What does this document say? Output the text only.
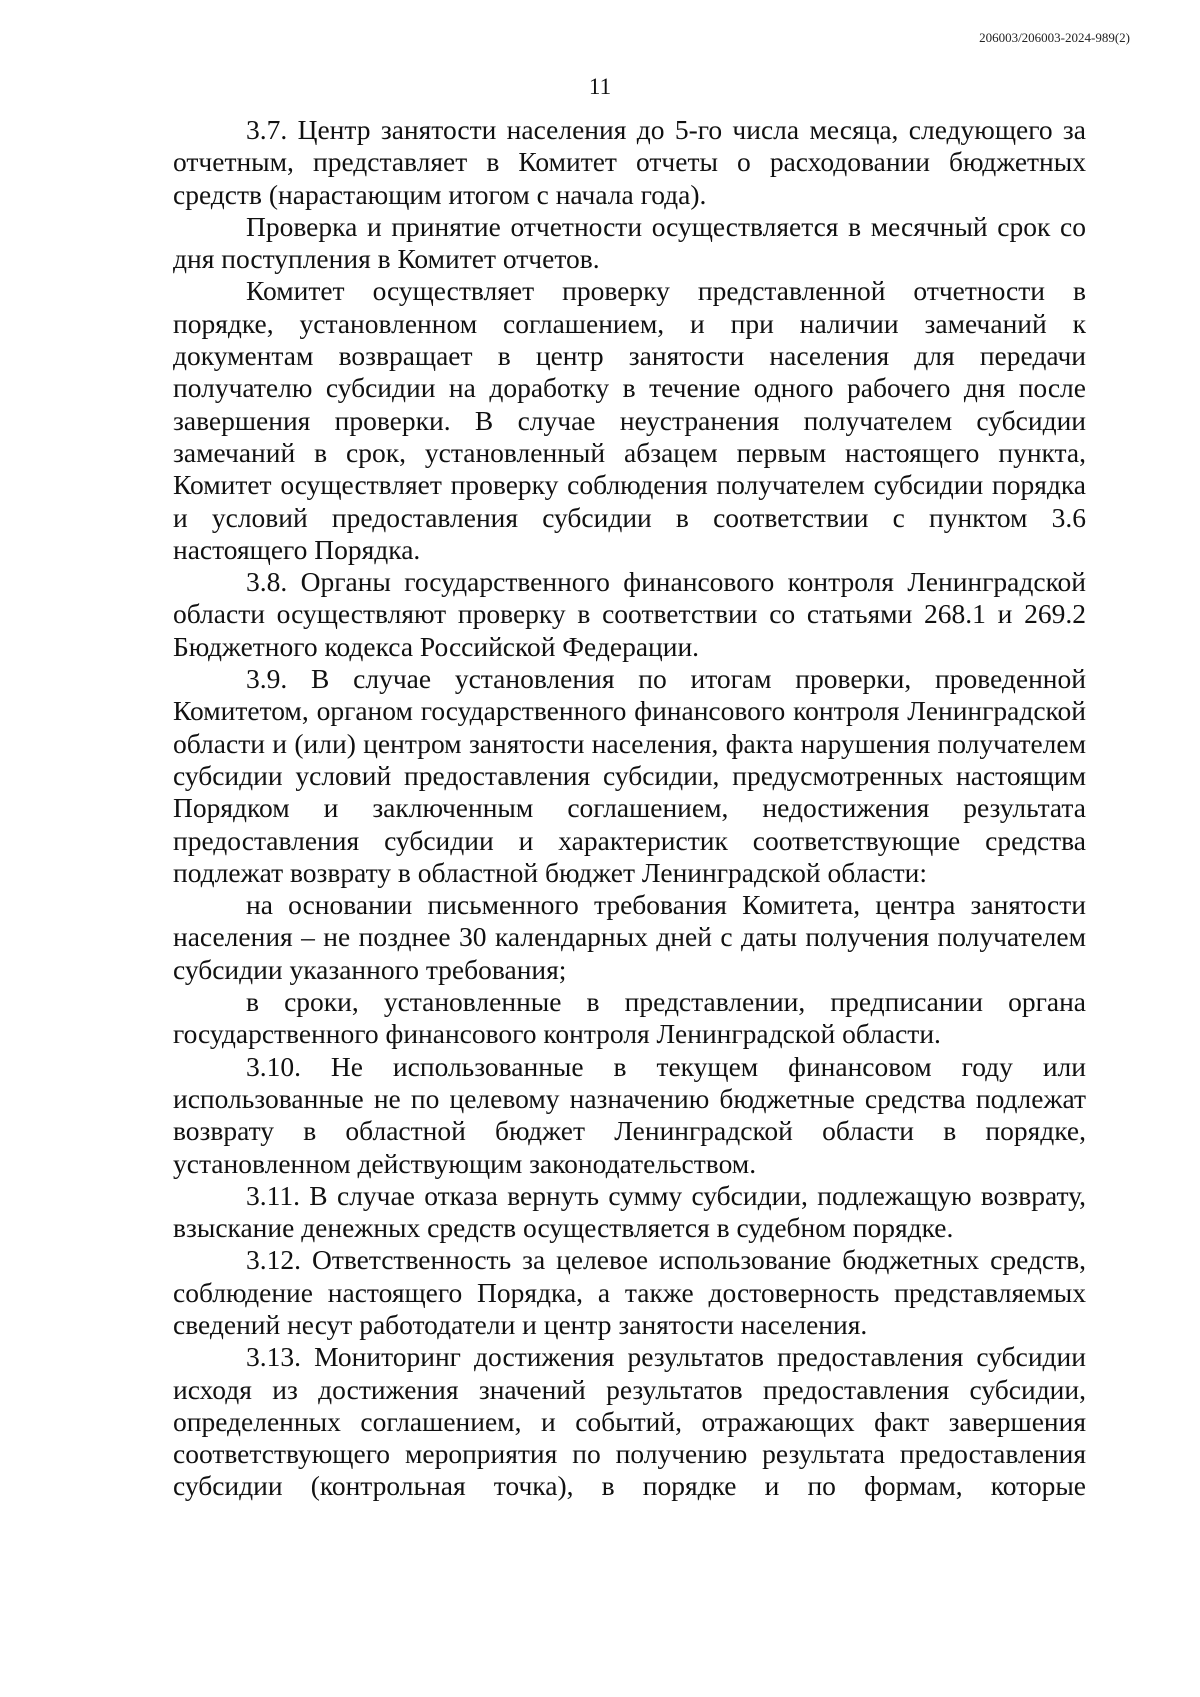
206003/206003-2024-989(2)
11

3.7. Центр занятости населения до 5-го числа месяца, следующего за отчетным, представляет в Комитет отчеты о расходовании бюджетных средств (нарастающим итогом с начала года).

Проверка и принятие отчетности осуществляется в месячный срок со дня поступления в Комитет отчетов.

Комитет осуществляет проверку представленной отчетности в порядке, установленном соглашением, и при наличии замечаний к документам возвращает в центр занятости населения для передачи получателю субсидии на доработку в течение одного рабочего дня после завершения проверки. В случае неустранения получателем субсидии замечаний в срок, установленный абзацем первым настоящего пункта, Комитет осуществляет проверку соблюдения получателем субсидии порядка и условий предоставления субсидии в соответствии с пунктом 3.6 настоящего Порядка.

3.8. Органы государственного финансового контроля Ленинградской области осуществляют проверку в соответствии со статьями 268.1 и 269.2 Бюджетного кодекса Российской Федерации.

3.9. В случае установления по итогам проверки, проведенной Комитетом, органом государственного финансового контроля Ленинградской области и (или) центром занятости населения, факта нарушения получателем субсидии условий предоставления субсидии, предусмотренных настоящим Порядком и заключенным соглашением, недостижения результата предоставления субсидии и характеристик соответствующие средства подлежат возврату в областной бюджет Ленинградской области:

на основании письменного требования Комитета, центра занятости населения – не позднее 30 календарных дней с даты получения получателем субсидии указанного требования;

в сроки, установленные в представлении, предписании органа государственного финансового контроля Ленинградской области.

3.10. Не использованные в текущем финансовом году или использованные не по целевому назначению бюджетные средства подлежат возврату в областной бюджет Ленинградской области в порядке, установленном действующим законодательством.

3.11. В случае отказа вернуть сумму субсидии, подлежащую возврату, взыскание денежных средств осуществляется в судебном порядке.

3.12. Ответственность за целевое использование бюджетных средств, соблюдение настоящего Порядка, а также достоверность представляемых сведений несут работодатели и центр занятости населения.

3.13. Мониторинг достижения результатов предоставления субсидии исходя из достижения значений результатов предоставления субсидии, определенных соглашением, и событий, отражающих факт завершения соответствующего мероприятия по получению результата предоставления субсидии (контрольная точка), в порядке и по формам, которые
